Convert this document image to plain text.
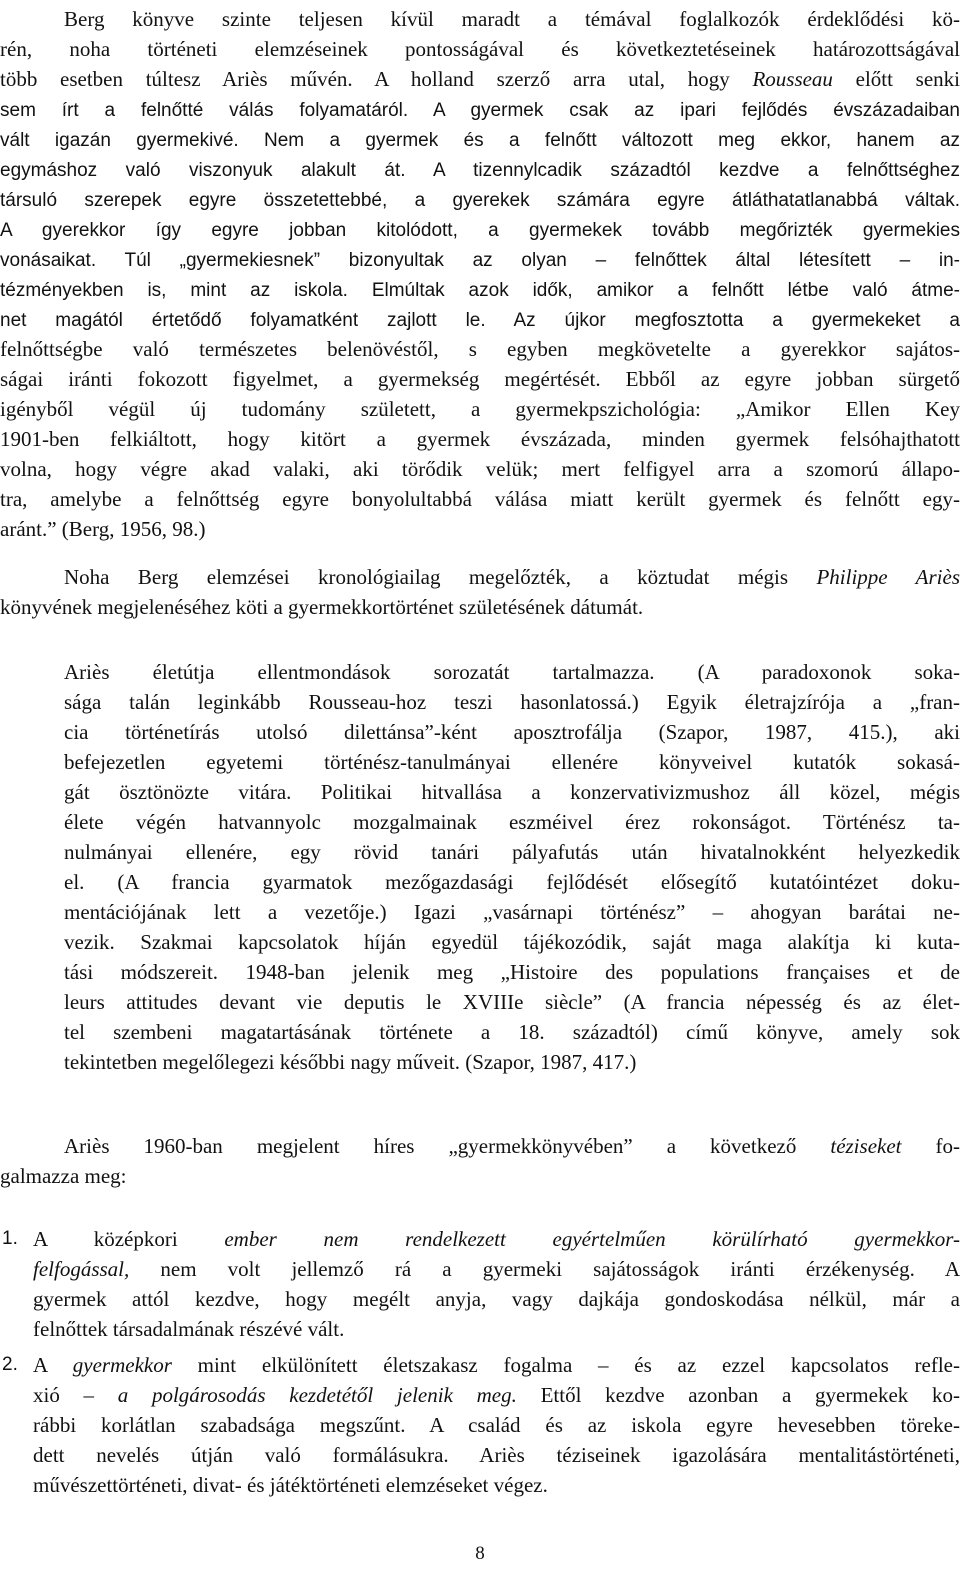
Berg könyve szinte teljesen kívül maradt a témával foglalkozók érdeklődési kö-
rén, noha történeti elemzéseinek pontosságával és következtetéseinek határozottságával
több esetben túltesz Ariès művén. A holland szerző arra utal, hogy Rousseau előtt senki
sem írt a felnőtté válás folyamatáról. A gyermek csak az ipari fejlődés évszázadaiban
vált igazán gyermekivé. Nem a gyermek és a felnőtt változott meg ekkor, hanem az
egymáshoz való viszonyuk alakult át. A tizennylcadik századtól kezdve a felnőttséghez
társuló szerepek egyre összetettebbé, a gyerekek számára egyre átláthatatlanabbá váltak.
A gyerekkor így egyre jobban kitolódott, a gyermekek tovább megőrizték gyermekies
vonásaikat. Túl „gyermekiesnek” bizonyultak az olyan – felnőttek által létesített – in-
tézményekben is, mint az iskola. Elmúltak azok idők, amikor a felnőtt létbe való átme-
net magától értetődő folyamatként zajlott le. Az újkor megfosztotta a gyermekeket a
felnőttségbe való természetes belenövéstől, s egyben megkövetelte a gyerekkor sajátos-
ságai iránti fokozott figyelmet, a gyermekség megértését. Ebből az egyre jobban sürgető
igényből végül új tudomány született, a gyermekpszichológia: „Amikor Ellen Key
1901-ben felkiáltott, hogy kitört a gyermek évszázada, minden gyermek felsóhajthatott
volna, hogy végre akad valaki, aki törődik velük; mert felfigyel arra a szomorú állapo-
tra, amelybe a felnőttség egyre bonyolultabbá válása miatt került gyermek és felnőtt egy-
aránt.” (Berg, 1956, 98.)
Noha Berg elemzései kronológiailag megelőzték, a köztudat mégis Philippe Ariès
könyvének megjelenéséhez köti a gyermekkortörténet születésének dátumát.
Ariès életútja ellentmondások sorozatát tartalmazza. (A paradoxonok soka-
sága talán leginkább Rousseau-hoz teszi hasonlatossá.) Egyik életrajzírója a „fran-
cia történetírás utolsó dilettánsa”-ként aposztrofálja (Szapor, 1987, 415.), aki
befejezetlen egyetemi történész-tanulmányai ellenére könyveivel kutatók sokasá-
gát ösztönözte vitára. Politikai hitvallása a konzervativizmushoz áll közel, mégis
élete végén hatvannyolc mozgalmainak eszméivel érez rokonságot. Történész ta-
nulmányai ellenére, egy rövid tanári pályafutás után hivatalnokként helyezkedik
el. (A francia gyarmatok mezőgazdasági fejlődését elősegítő kutatóintézet doku-
mentációjának lett a vezetője.) Igazi „vasárnapi történész” – ahogyan barátai ne-
vezik. Szakmai kapcsolatok híján egyedül tájékozódik, saját maga alakítja ki kuta-
tási módszereit. 1948-ban jelenik meg „Histoire des populations françaises et de
leurs attitudes devant vie deputis le XVIIIe siècle” (A francia népesség és az élet-
tel szembeni magatartásának története a 18. századtól) című könyve, amely sok
tekintetben megelőlegezi későbbi nagy műveit. (Szapor, 1987, 417.)
Ariès 1960-ban megjelent híres „gyermekkönyvében” a következő téziseket fo-
galmazza meg:
1. A középkori ember nem rendelkezett egyértelműen körülírható gyermekkor-
felfogással, nem volt jellemző rá a gyermeki sajátosságok iránti érzékenység. A
gyermek attól kezdve, hogy megélt anyja, vagy dajkája gondoskodása nélkül, már a
felnőttek társadalmának részévé vált.
2. A gyermekkor mint elkülönített életszakasz fogalma – és az ezzel kapcsolatos refle-
xió – a polgárosodás kezdetétől jelenik meg. Ettől kezdve azonban a gyermekek ko-
rábbi korlátlan szabadsága megszűnt. A család és az iskola egyre hevesebben töreke-
dett nevelés útján való formálásukra. Ariès téziseinek igazolására mentalitástörténeti,
művészettörténeti, divat- és játéktörténeti elemzéseket végez.
8
